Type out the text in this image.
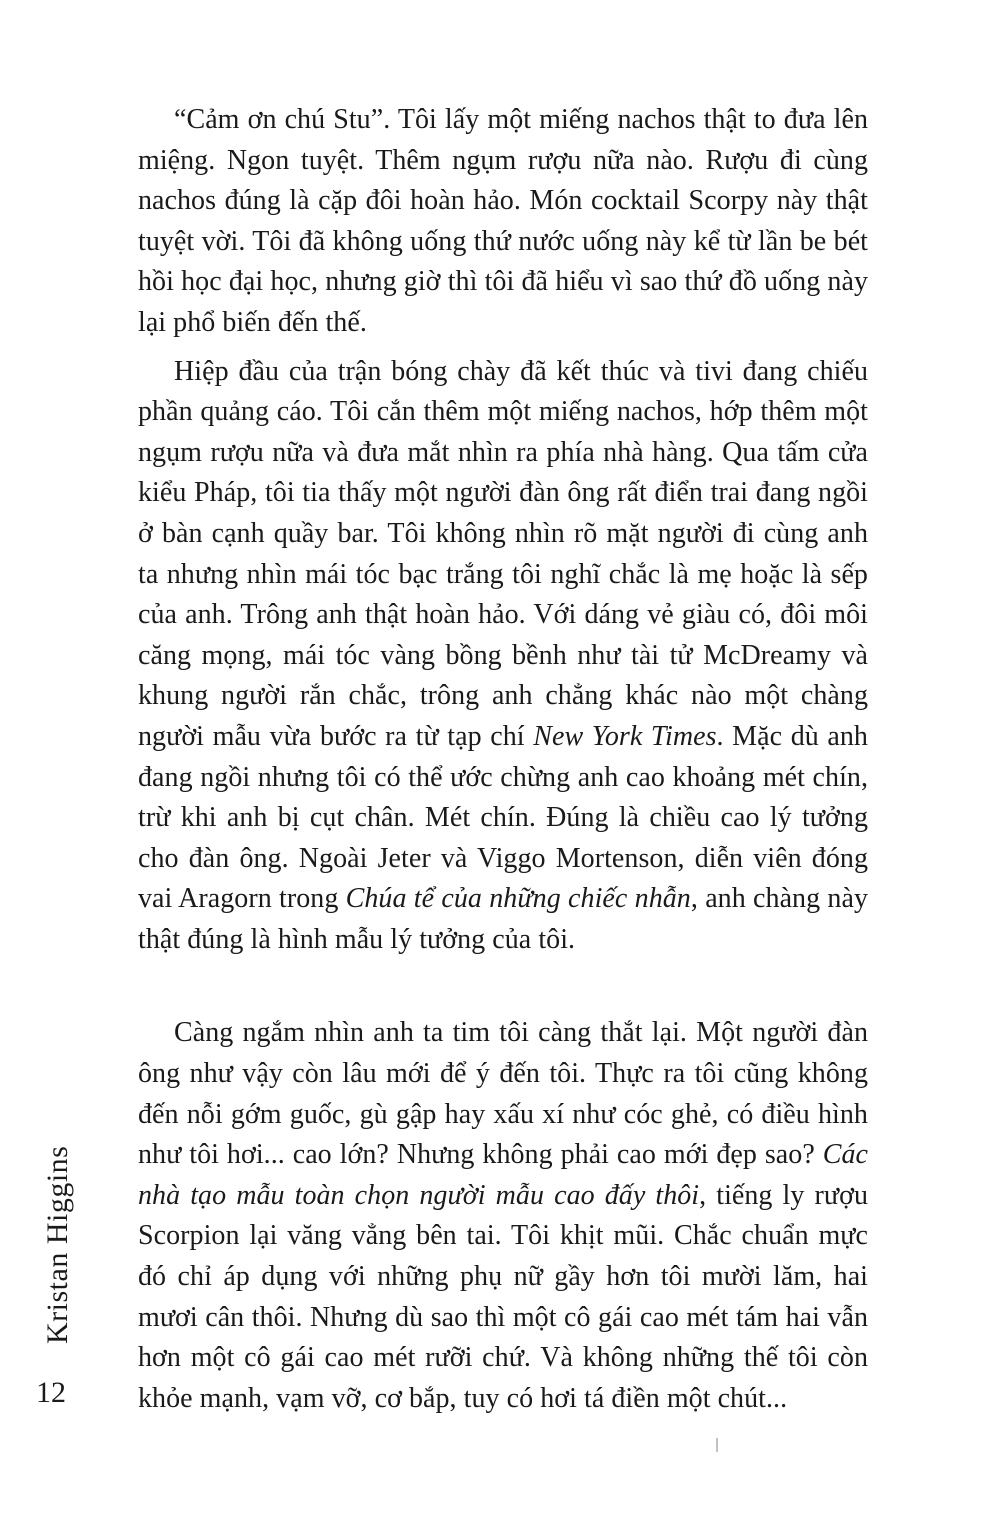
“Cảm ơn chú Stu”. Tôi lấy một miếng nachos thật to đưa lên miệng. Ngon tuyệt. Thêm ngụm rượu nữa nào. Rượu đi cùng nachos đúng là cặp đôi hoàn hảo. Món cocktail Scorpy này thật tuyệt vời. Tôi đã không uống thứ nước uống này kể từ lần be bét hồi học đại học, nhưng giờ thì tôi đã hiểu vì sao thứ đồ uống này lại phổ biến đến thế.

Hiệp đầu của trận bóng chày đã kết thúc và tivi đang chiếu phần quảng cáo. Tôi cắn thêm một miếng nachos, hớp thêm một ngụm rượu nữa và đưa mắt nhìn ra phía nhà hàng. Qua tấm cửa kiểu Pháp, tôi tia thấy một người đàn ông rất điển trai đang ngồi ở bàn cạnh quầy bar. Tôi không nhìn rõ mặt người đi cùng anh ta nhưng nhìn mái tóc bạc trắng tôi nghĩ chắc là mẹ hoặc là sếp của anh. Trông anh thật hoàn hảo. Với dáng vẻ giàu có, đôi môi căng mọng, mái tóc vàng bồng bềnh như tài tử McDreamy và khung người rắn chắc, trông anh chẳng khác nào một chàng người mẫu vừa bước ra từ tạp chí New York Times. Mặc dù anh đang ngồi nhưng tôi có thể ước chừng anh cao khoảng mét chín, trừ khi anh bị cụt chân. Mét chín. Đúng là chiều cao lý tưởng cho đàn ông. Ngoài Jeter và Viggo Mortenson, diễn viên đóng vai Aragorn trong Chúa tể của những chiếc nhẫn, anh chàng này thật đúng là hình mẫu lý tưởng của tôi.

Càng ngắm nhìn anh ta tim tôi càng thắt lại. Một người đàn ông như vậy còn lâu mới để ý đến tôi. Thực ra tôi cũng không đến nỗi gớm guốc, gù gập hay xấu xí như cóc ghẻ, có điều hình như tôi hơi... cao lớn? Nhưng không phải cao mới đẹp sao? Các nhà tạo mẫu toàn chọn người mẫu cao đấy thôi, tiếng ly rượu Scorpion lại văng vẳng bên tai. Tôi khịt mũi. Chắc chuẩn mực đó chỉ áp dụng với những phụ nữ gầy hơn tôi mười lăm, hai mươi cân thôi. Nhưng dù sao thì một cô gái cao mét tám hai vẫn hơn một cô gái cao mét rưỡi chứ. Và không những thế tôi còn khỏe mạnh, vạm vỡ, cơ bắp, tuy có hơi tá điền một chút...

Kristan Higgins
12
